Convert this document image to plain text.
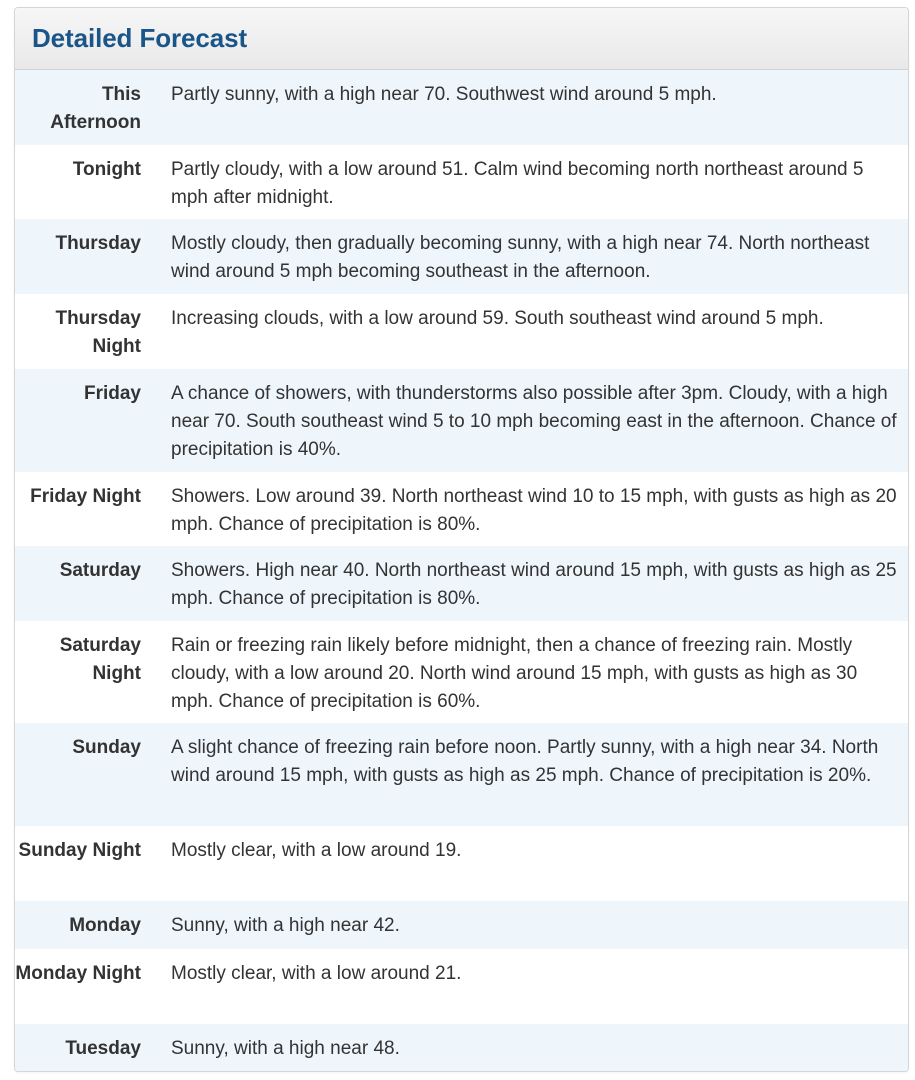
Detailed Forecast
This Afternoon
Partly sunny, with a high near 70. Southwest wind around 5 mph.
Tonight Partly cloudy, with a low around 51. Calm wind becoming north northeast around 5 mph after midnight.
Thursday Mostly cloudy, then gradually becoming sunny, with a high near 74. North northeast wind around 5 mph becoming southeast in the afternoon.
Thursday Night
Increasing clouds, with a low around 59. South southeast wind around 5 mph.
Friday A chance of showers, with thunderstorms also possible after 3pm. Cloudy, with a high near 70. South southeast wind 5 to 10 mph becoming east in the afternoon. Chance of precipitation is 40%.
Friday Night Showers. Low around 39. North northeast wind 10 to 15 mph, with gusts as high as 20 mph. Chance of precipitation is 80%.
Saturday Showers. High near 40. North northeast wind around 15 mph, with gusts as high as 25 mph. Chance of precipitation is 80%.
Saturday Night
Rain or freezing rain likely before midnight, then a chance of freezing rain. Mostly cloudy, with a low around 20. North wind around 15 mph, with gusts as high as 30 mph. Chance of precipitation is 60%.
Sunday A slight chance of freezing rain before noon. Partly sunny, with a high near 34. North wind around 15 mph, with gusts as high as 25 mph. Chance of precipitation is 20%.
Sunday Night Mostly clear, with a low around 19.
Monday Sunny, with a high near 42.
Monday Night Mostly clear, with a low around 21.
Tuesday Sunny, with a high near 48.
